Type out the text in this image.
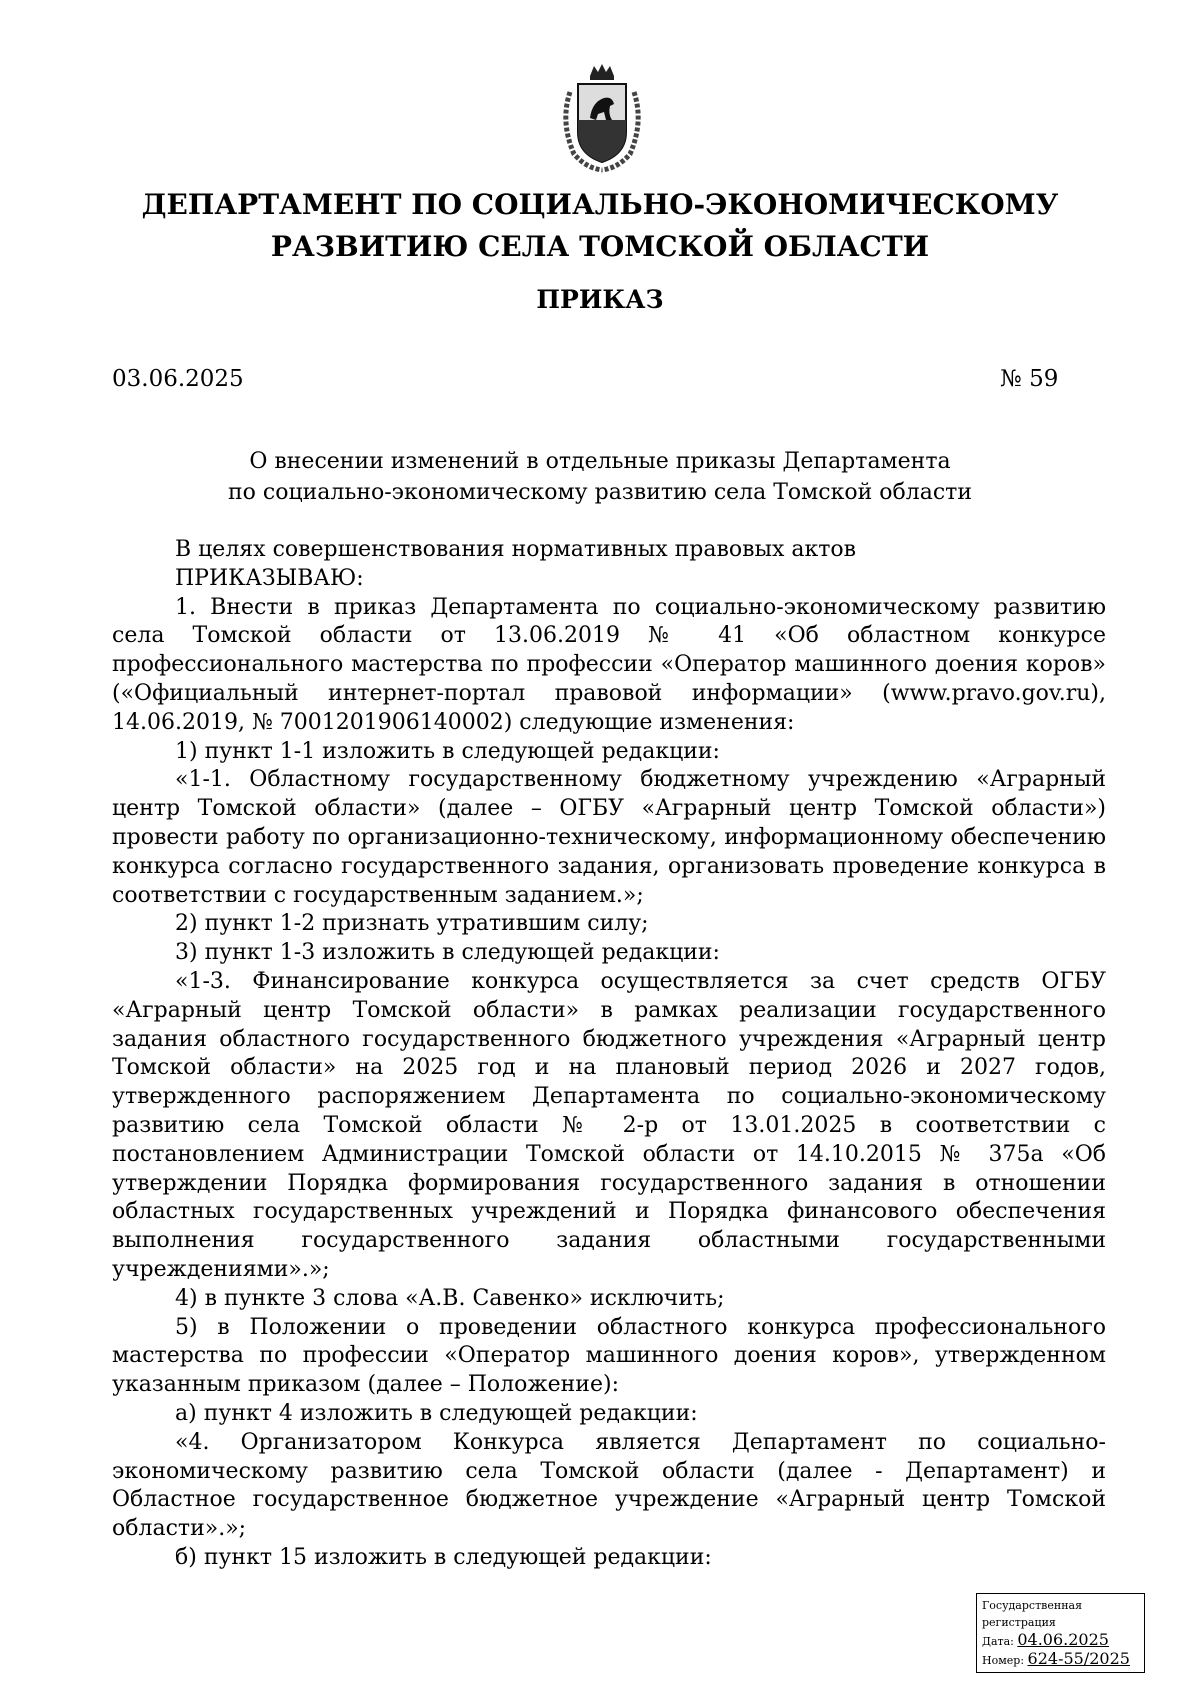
ДЕПАРТАМЕНТ ПО СОЦИАЛЬНО-ЭКОНОМИЧЕСКОМУ
РАЗВИТИЮ СЕЛА ТОМСКОЙ ОБЛАСТИ
ПРИКАЗ
03.06.2025	№ 59
О внесении изменений в отдельные приказы Департамента
по социально-экономическому развитию села Томской области

В целях совершенствования нормативных правовых актов

ПРИКАЗЫВАЮ:

1. Внести в приказ Департамента по социально-экономическому развитию села Томской области от 13.06.2019 № 41 «Об областном конкурсе профессионального мастерства по профессии «Оператор машинного доения коров» («Официальный интернет-портал правовой информации» (www.pravo.gov.ru), 14.06.2019, № 7001201906140002) следующие изменения:

1) пункт 1-1 изложить в следующей редакции:

«1-1. Областному государственному бюджетному учреждению «Аграрный центр Томской области» (далее – ОГБУ «Аграрный центр Томской области») провести работу по организационно-техническому, информационному обеспечению конкурса согласно государственного задания, организовать проведение конкурса в соответствии с государственным заданием.»;

2) пункт 1-2 признать утратившим силу;

3) пункт 1-3 изложить в следующей редакции:

«1-3. Финансирование конкурса осуществляется за счет средств ОГБУ «Аграрный центр Томской области» в рамках реализации государственного задания областного государственного бюджетного учреждения «Аграрный центр Томской области» на 2025 год и на плановый период 2026 и 2027 годов, утвержденного распоряжением Департамента по социально-экономическому развитию села Томской области № 2-р от 13.01.2025 в соответствии с постановлением Администрации Томской области от 14.10.2015 № 375а «Об утверждении Порядка формирования государственного задания в отношении областных государственных учреждений и Порядка финансового обеспечения выполнения государственного задания областными государственными учреждениями».»;

4) в пункте 3 слова «А.В. Савенко» исключить;

5) в Положении о проведении областного конкурса профессионального мастерства по профессии «Оператор машинного доения коров», утвержденном указанным приказом (далее – Положение):

а) пункт 4 изложить в следующей редакции:

«4. Организатором Конкурса является Департамент по социально-экономическому развитию села Томской области (далее - Департамент) и Областное государственное бюджетное учреждение «Аграрный центр Томской области».»;

б) пункт 15 изложить в следующей редакции:

Государственная регистрация
Дата: 04.06.2025
Номер: 624-55/2025
